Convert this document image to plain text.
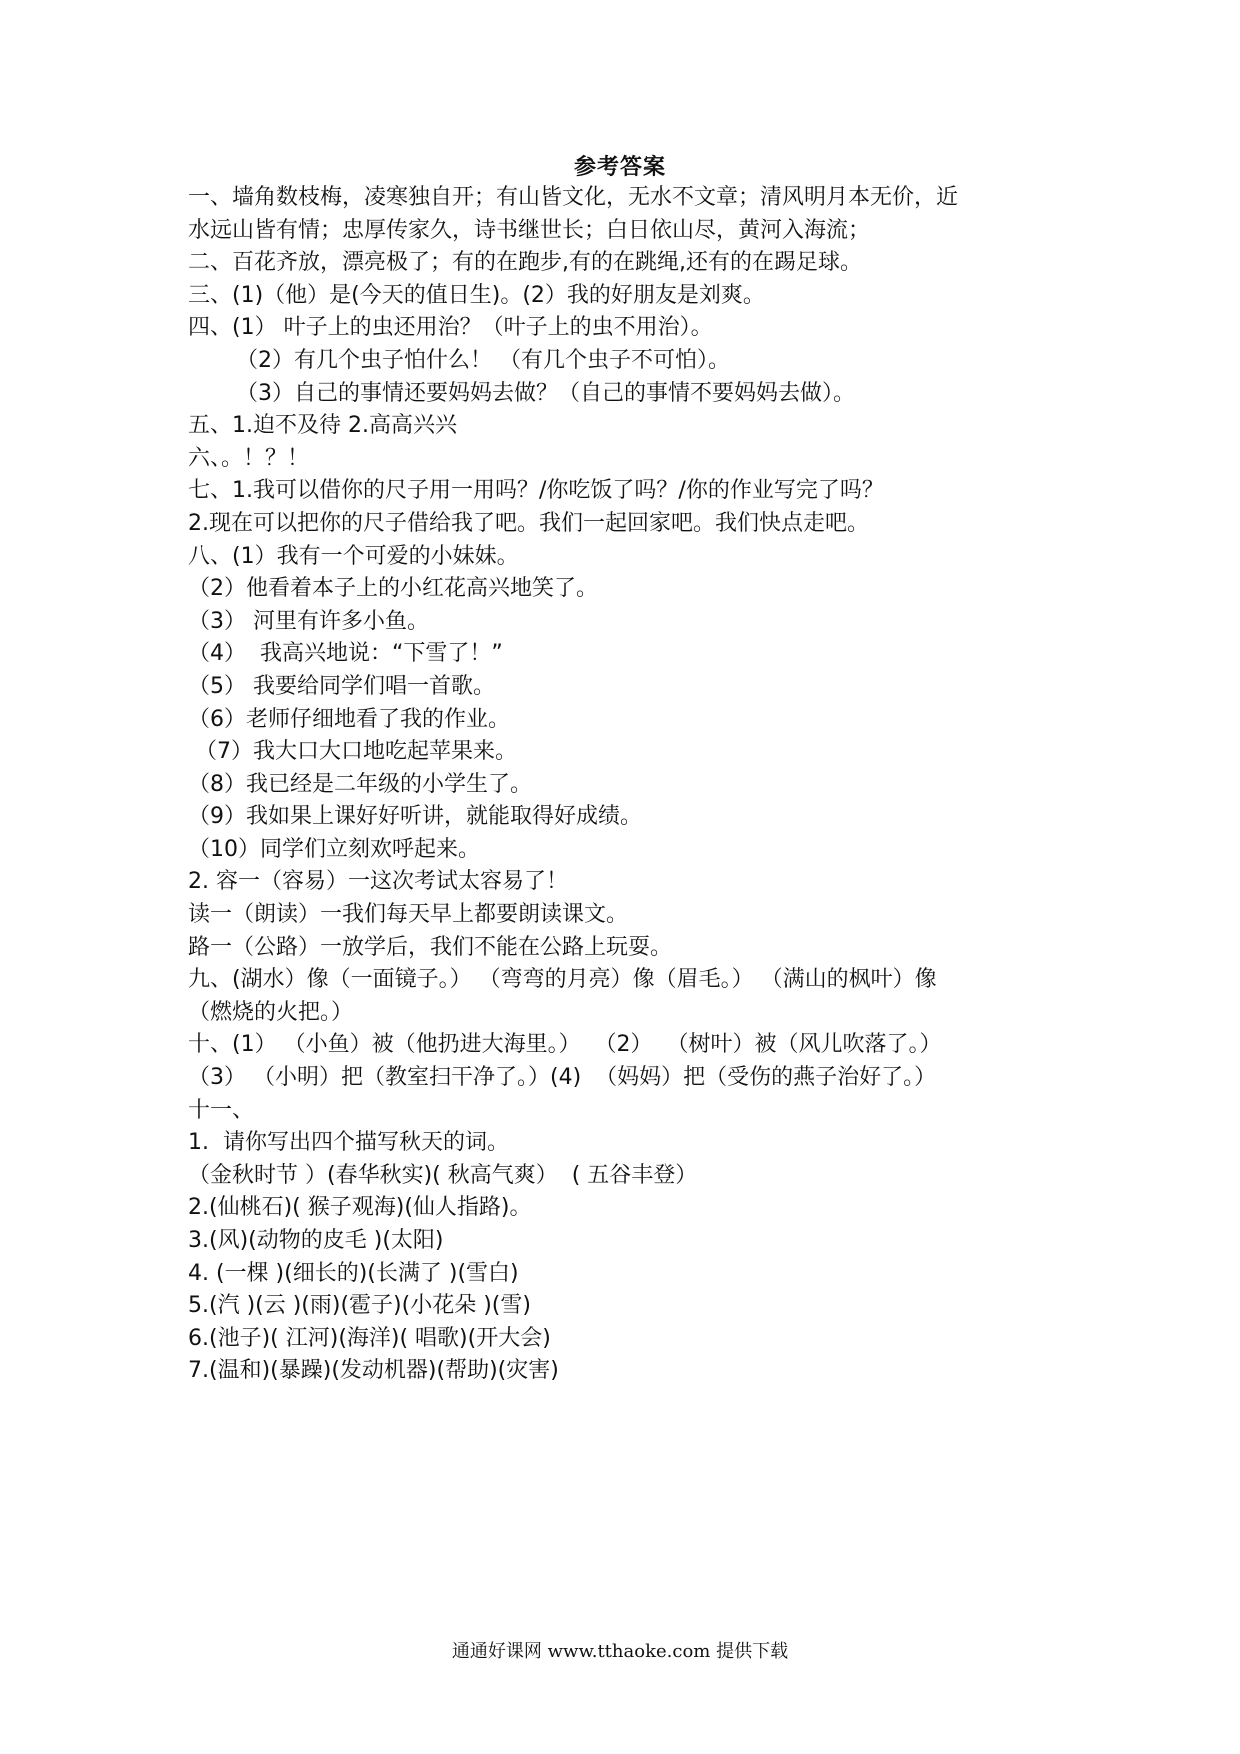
参考答案
一、墙角数枝梅，凌寒独自开；有山皆文化，无水不文章；清风明月本无价，近
水远山皆有情；忠厚传家久，诗书继世长；白日依山尽，黄河入海流；
二、百花齐放，漂亮极了；有的在跑步,有的在跳绳,还有的在踢足球。
三、(1)（他）是(今天的值日生)。(2）我的好朋友是刘爽。
四、(1） 叶子上的虫还用治？（叶子上的虫不用治）。
（2）有几个虫子怕什么！ （有几个虫子不可怕）。
（3）自己的事情还要妈妈去做？（自己的事情不要妈妈去做）。
五、1.迫不及待 2.高高兴兴
六、。！？！
七、1.我可以借你的尺子用一用吗？/你吃饭了吗？/你的作业写完了吗？
2.现在可以把你的尺子借给我了吧。我们一起回家吧。我们快点走吧。
八、(1）我有一个可爱的小妹妹。
（2）他看着本子上的小红花高兴地笑了。
（3） 河里有许多小鱼。
（4）  我高兴地说：“下雪了！”
（5） 我要给同学们唱一首歌。
（6）老师仔细地看了我的作业。
（7）我大口大口地吃起苹果来。
（8）我已经是二年级的小学生了。
（9）我如果上课好好听讲，就能取得好成绩。
（10）同学们立刻欢呼起来。
2. 容一（容易）一这次考试太容易了！
读一（朗读）一我们每天早上都要朗读课文。
路一（公路）一放学后，我们不能在公路上玩耍。
九、(湖水）像（一面镜子。） （弯弯的月亮）像（眉毛。） （满山的枫叶）像
（燃烧的火把。）
十、(1） （小鱼）被（他扔进大海里。）  （2）  （树叶）被（风儿吹落了。）
（3） （小明）把（教室扫干净了。）(4)  （妈妈）把（受伤的燕子治好了。）
十一、
1.  请你写出四个描写秋天的词。
（金秋时节 ）(春华秋实)( 秋高气爽）  ( 五谷丰登）
2.(仙桃石)( 猴子观海)(仙人指路)。
3.(风)(动物的皮毛 )(太阳)
4. (一棵 )(细长的)(长满了 )(雪白)
5.(汽 )(云 )(雨)(雹子)(小花朵 )(雪)
6.(池子)( 江河)(海洋)( 唱歌)(开大会)
7.(温和)(暴躁)(发动机器)(帮助)(灾害)
通通好课网 www.tthaoke.com 提供下载
